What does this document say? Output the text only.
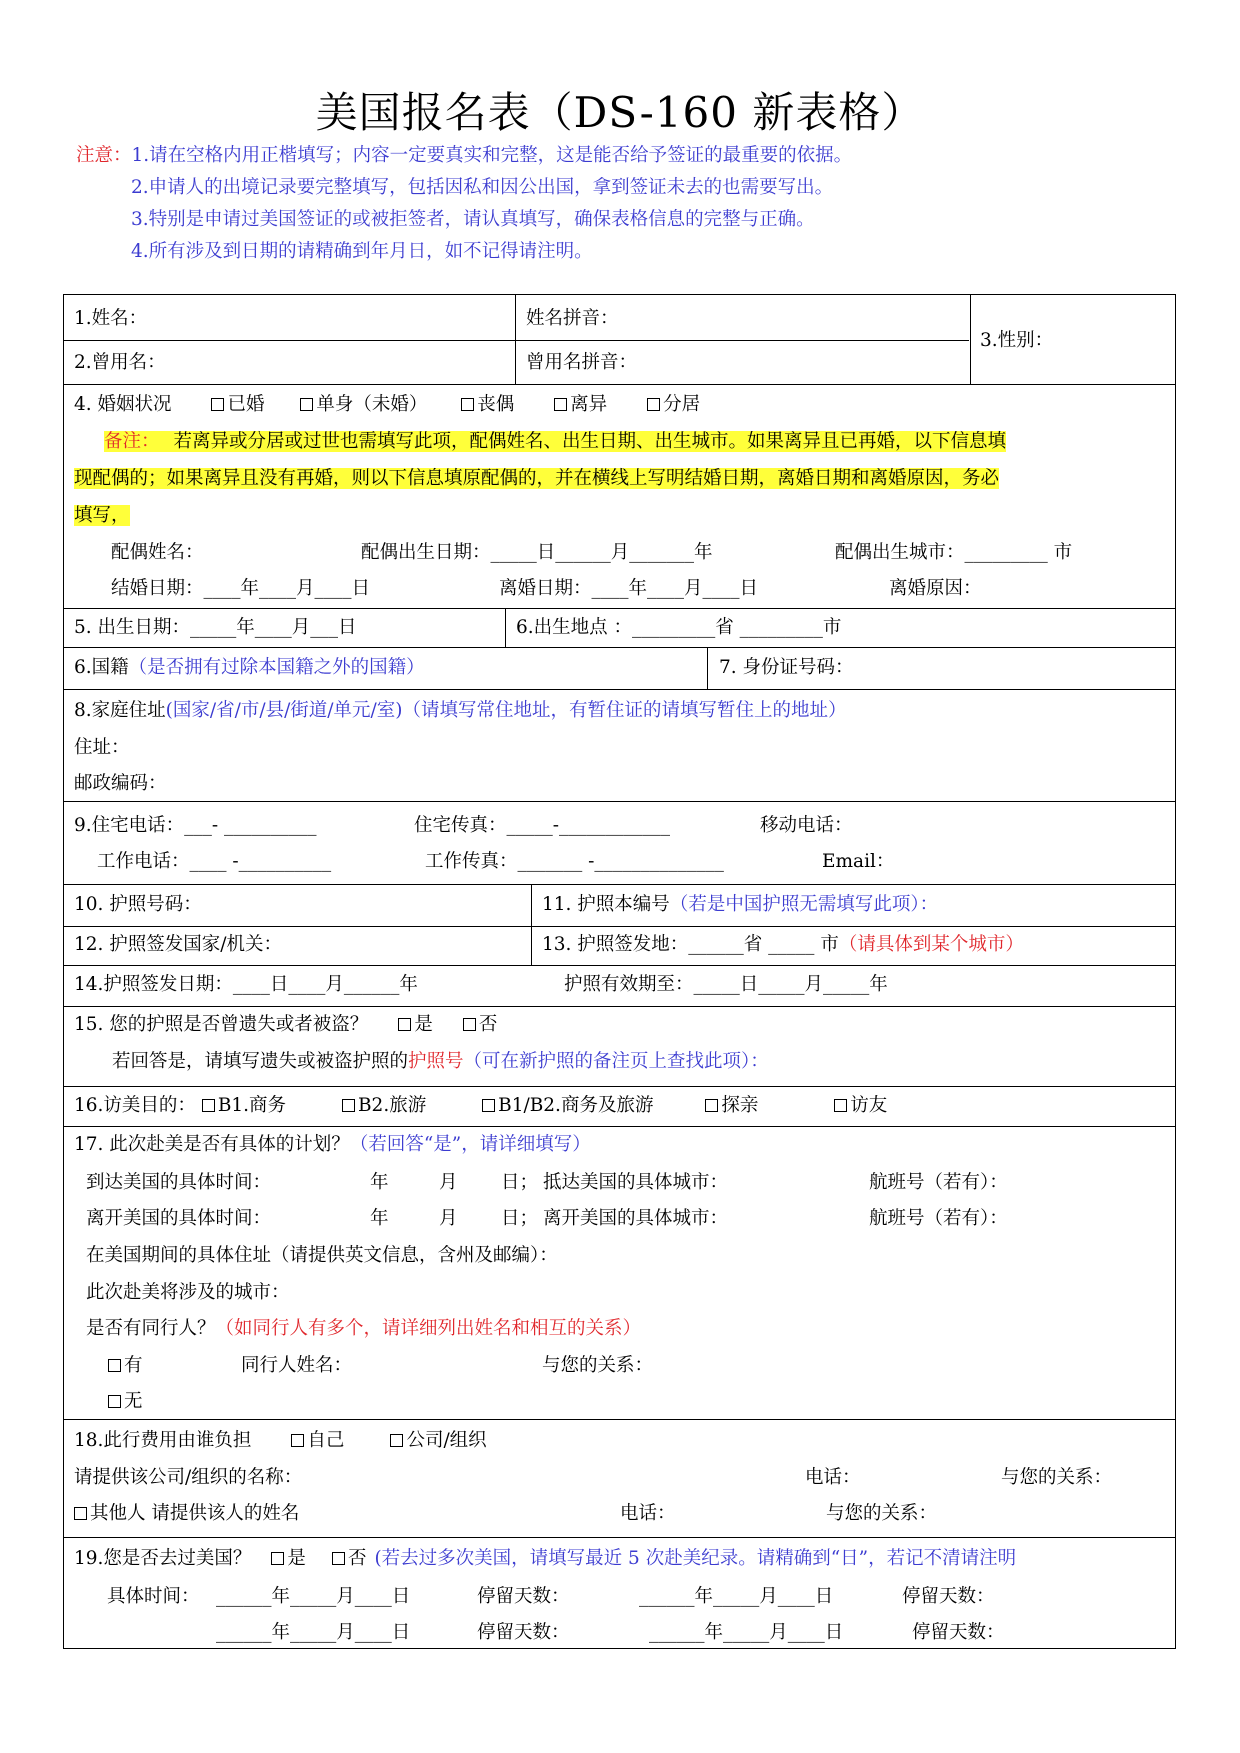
美国报名表（DS-160 新表格）
注意：1.请在空格内用正楷填写；内容一定要真实和完整，这是能否给予签证的最重要的依据。
2.申请人的出境记录要完整填写，包括因私和因公出国，拿到签证未去的也需要写出。
3.特别是申请过美国签证的或被拒签者，请认真填写，确保表格信息的完整与正确。
4.所有涉及到日期的请精确到年月日，如不记得请注明。
1.姓名：	姓名拼音：
2.曾用名：	曾用名拼音：
3.性别：
4. 婚姻状况	已婚	单身（未婚）	丧偶	离异	分居
备注： 若离异或分居或过世也需填写此项，配偶姓名、出生日期、出生城市。如果离异且已再婚，以下信息填
现配偶的；如果离异且没有再婚，则以下信息填原配偶的，并在横线上写明结婚日期，离婚日期和离婚原因，务必
填写，
配偶姓名：	配偶出生日期：_____日______月_______年	配偶出生城市：_________ 市
结婚日期：____年____月____日	离婚日期：____年____月____日	离婚原因：
5. 出生日期：_____年____月___日	6.出生地点 ：_________省 _________市
6.国籍（是否拥有过除本国籍之外的国籍）	7. 身份证号码：
8.家庭住址(国家/省/市/县/街道/单元/室)（请填写常住地址，有暂住证的请填写暂住上的地址）
住址：
邮政编码：
9.住宅电话：___- __________	住宅传真：_____-____________	移动电话：
工作电话：____ -__________	工作传真：_______ -______________	Email：
10. 护照号码：	11. 护照本编号（若是中国护照无需填写此项）：
12. 护照签发国家/机关：	13. 护照签发地：______省 _____ 市（请具体到某个城市）
14.护照签发日期：____日____月______年	护照有效期至：_____日_____月_____年
15. 您的护照是否曾遗失或者被盗？ 是 否
若回答是，请填写遗失或被盗护照的护照号（可在新护照的备注页上查找此项）：
16.访美目的： B1.商务	B2.旅游	B1/B2.商务及旅游	探亲	访友
17. 此次赴美是否有具体的计划？（若回答“是”，请详细填写）
到达美国的具体时间：	年	月 日； 抵达美国的具体城市：	航班号（若有）：
离开美国的具体时间：	年	月 日； 离开美国的具体城市：	航班号（若有）：
在美国期间的具体住址（请提供英文信息，含州及邮编）：
此次赴美将涉及的城市：
是否有同行人？（如同行人有多个，请详细列出姓名和相互的关系）
有	同行人姓名：	与您的关系：
无
18.此行费用由谁负担	自己	公司/组织
请提供该公司/组织的名称：	电话：	与您的关系：
其他人 请提供该人的姓名	电话：	与您的关系：
19.您是否去过美国？ 是 否 (若去过多次美国，请填写最近 5 次赴美纪录。请精确到“日”，若记不清请注明
具体时间： ______年_____月____日	停留天数：	______年_____月____日	停留天数：
______年_____月____日	停留天数：	______年_____月____日	停留天数：
